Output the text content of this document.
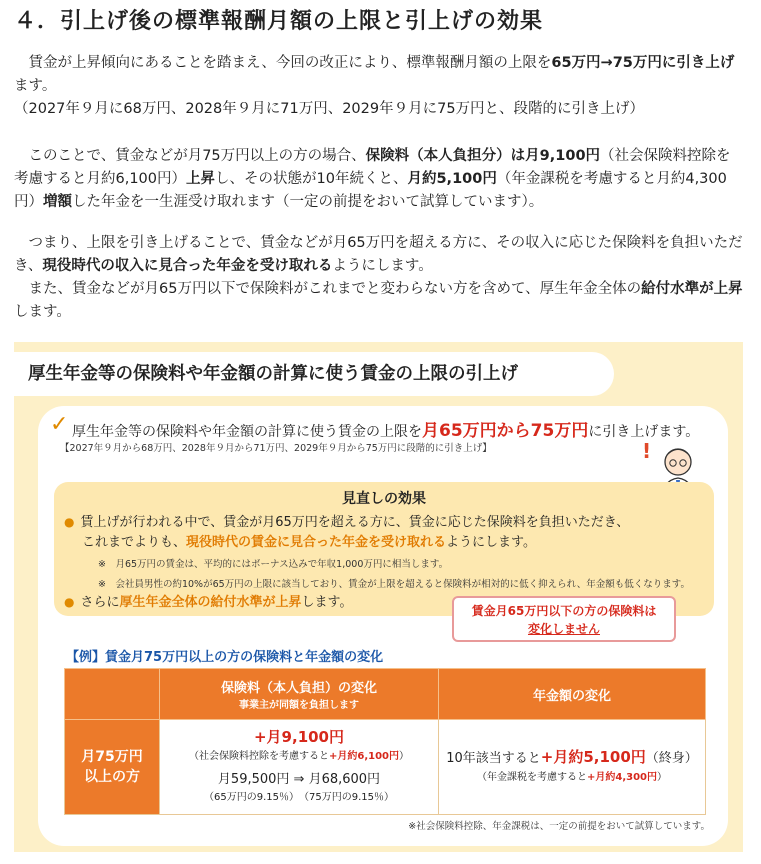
４．引上げ後の標準報酬月額の上限と引上げの効果

　賃金が上昇傾向にあることを踏まえ、今回の改正により、標準報酬月額の上限を65万円→75万円に引き上げます。
（2027年９月に68万円、2028年９月に71万円、2029年９月に75万円と、段階的に引き上げ）

　このことで、賃金などが月75万円以上の方の場合、保険料（本人負担分）は月9,100円（社会保険料控除を考慮すると月約6,100円）上昇し、その状態が10年続くと、月約5,100円（年金課税を考慮すると月約4,300円）増額した年金を一生涯受け取れます（一定の前提をおいて試算しています）。

　つまり、上限を引き上げることで、賃金などが月65万円を超える方に、その収入に応じた保険料を負担いただき、現役時代の収入に見合った年金を受け取れるようにします。
　また、賃金などが月65万円以下で保険料がこれまでと変わらない方を含めて、厚生年金全体の給付水準が上昇します。

厚生年金等の保険料や年金額の計算に使う賃金の上限の引上げ
✓ 厚生年金等の保険料や年金額の計算に使う賃金の上限を月65万円から75万円に引き上げます。
【2027年９月から68万円、2028年９月から71万円、2029年９月から75万円に段階的に引き上げ】	!
見直しの効果
● 賃上げが行われる中で、賃金が月65万円を超える方に、賃金に応じた保険料を負担いただき、
これまでよりも、現役時代の賃金に見合った年金を受け取れるようにします。
※　月65万円の賃金は、平均的にはボーナス込みで年収1,000万円に相当します。
※　会社員男性の約10%が65万円の上限に該当しており、賃金が上限を超えると保険料が相対的に低く抑えられ、年金額も低くなります。
● さらに厚生年金全体の給付水準が上昇します。
賃金月65万円以下の方の保険料は
変化しません
【例】賃金月75万円以上の方の保険料と年金額の変化
	保険料（本人負担）の変化
事業主が同額を負担します	年金額の変化
月75万円
以上の方	+月9,100円
（社会保険料控除を考慮すると+月約6,100円）
月59,500円 ⇒ 月68,600円
（65万円の9.15％）　（75万円の9.15％）	10年該当すると+月約5,100円（終身）
（年金課税を考慮すると+月約4,300円）
※社会保険料控除、年金課税は、一定の前提をおいて試算しています。
